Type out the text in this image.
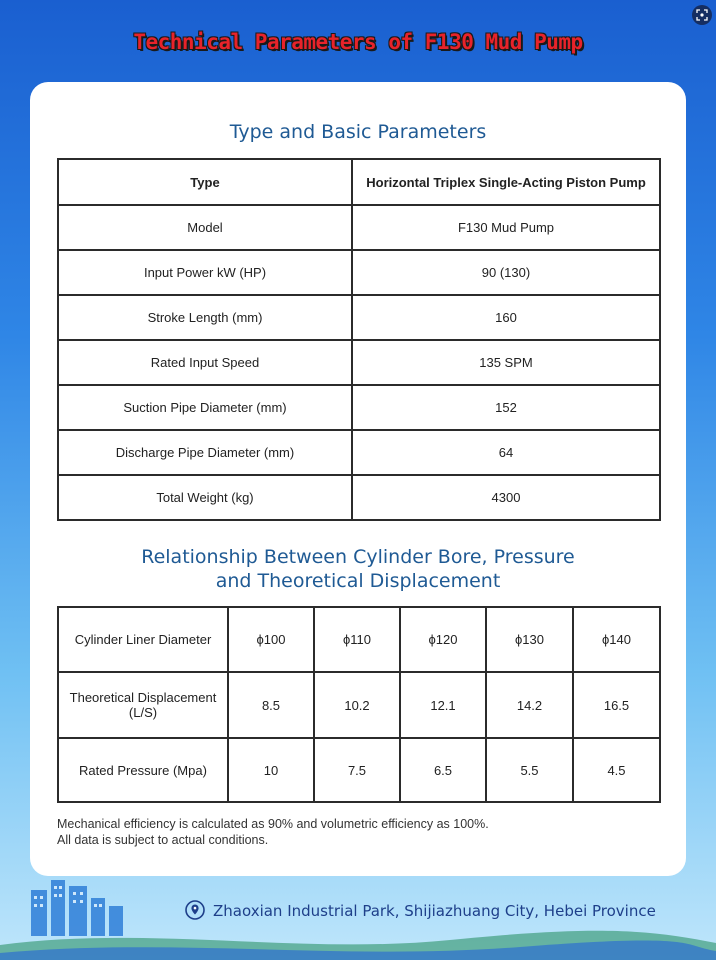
Technical Parameters of F130 Mud Pump
Type and Basic Parameters
Type	Horizontal Triplex Single-Acting Piston Pump
Model	F130 Mud Pump
Input Power kW (HP)	90 (130)
Stroke Length (mm)	160
Rated Input Speed	135 SPM
Suction Pipe Diameter (mm)	152
Discharge Pipe Diameter (mm)	64
Total Weight (kg)	4300
Relationship Between Cylinder Bore, Pressure
and Theoretical Displacement
Cylinder Liner Diameter	ϕ100	ϕ110	ϕ120	ϕ130	ϕ140
Theoretical Displacement (L/S)	8.5	10.2	12.1	14.2	16.5
Rated Pressure (Mpa)	10	7.5	6.5	5.5	4.5
Mechanical efficiency is calculated as 90% and volumetric efficiency as 100%.
All data is subject to actual conditions.
Zhaoxian Industrial Park, Shijiazhuang City, Hebei Province
